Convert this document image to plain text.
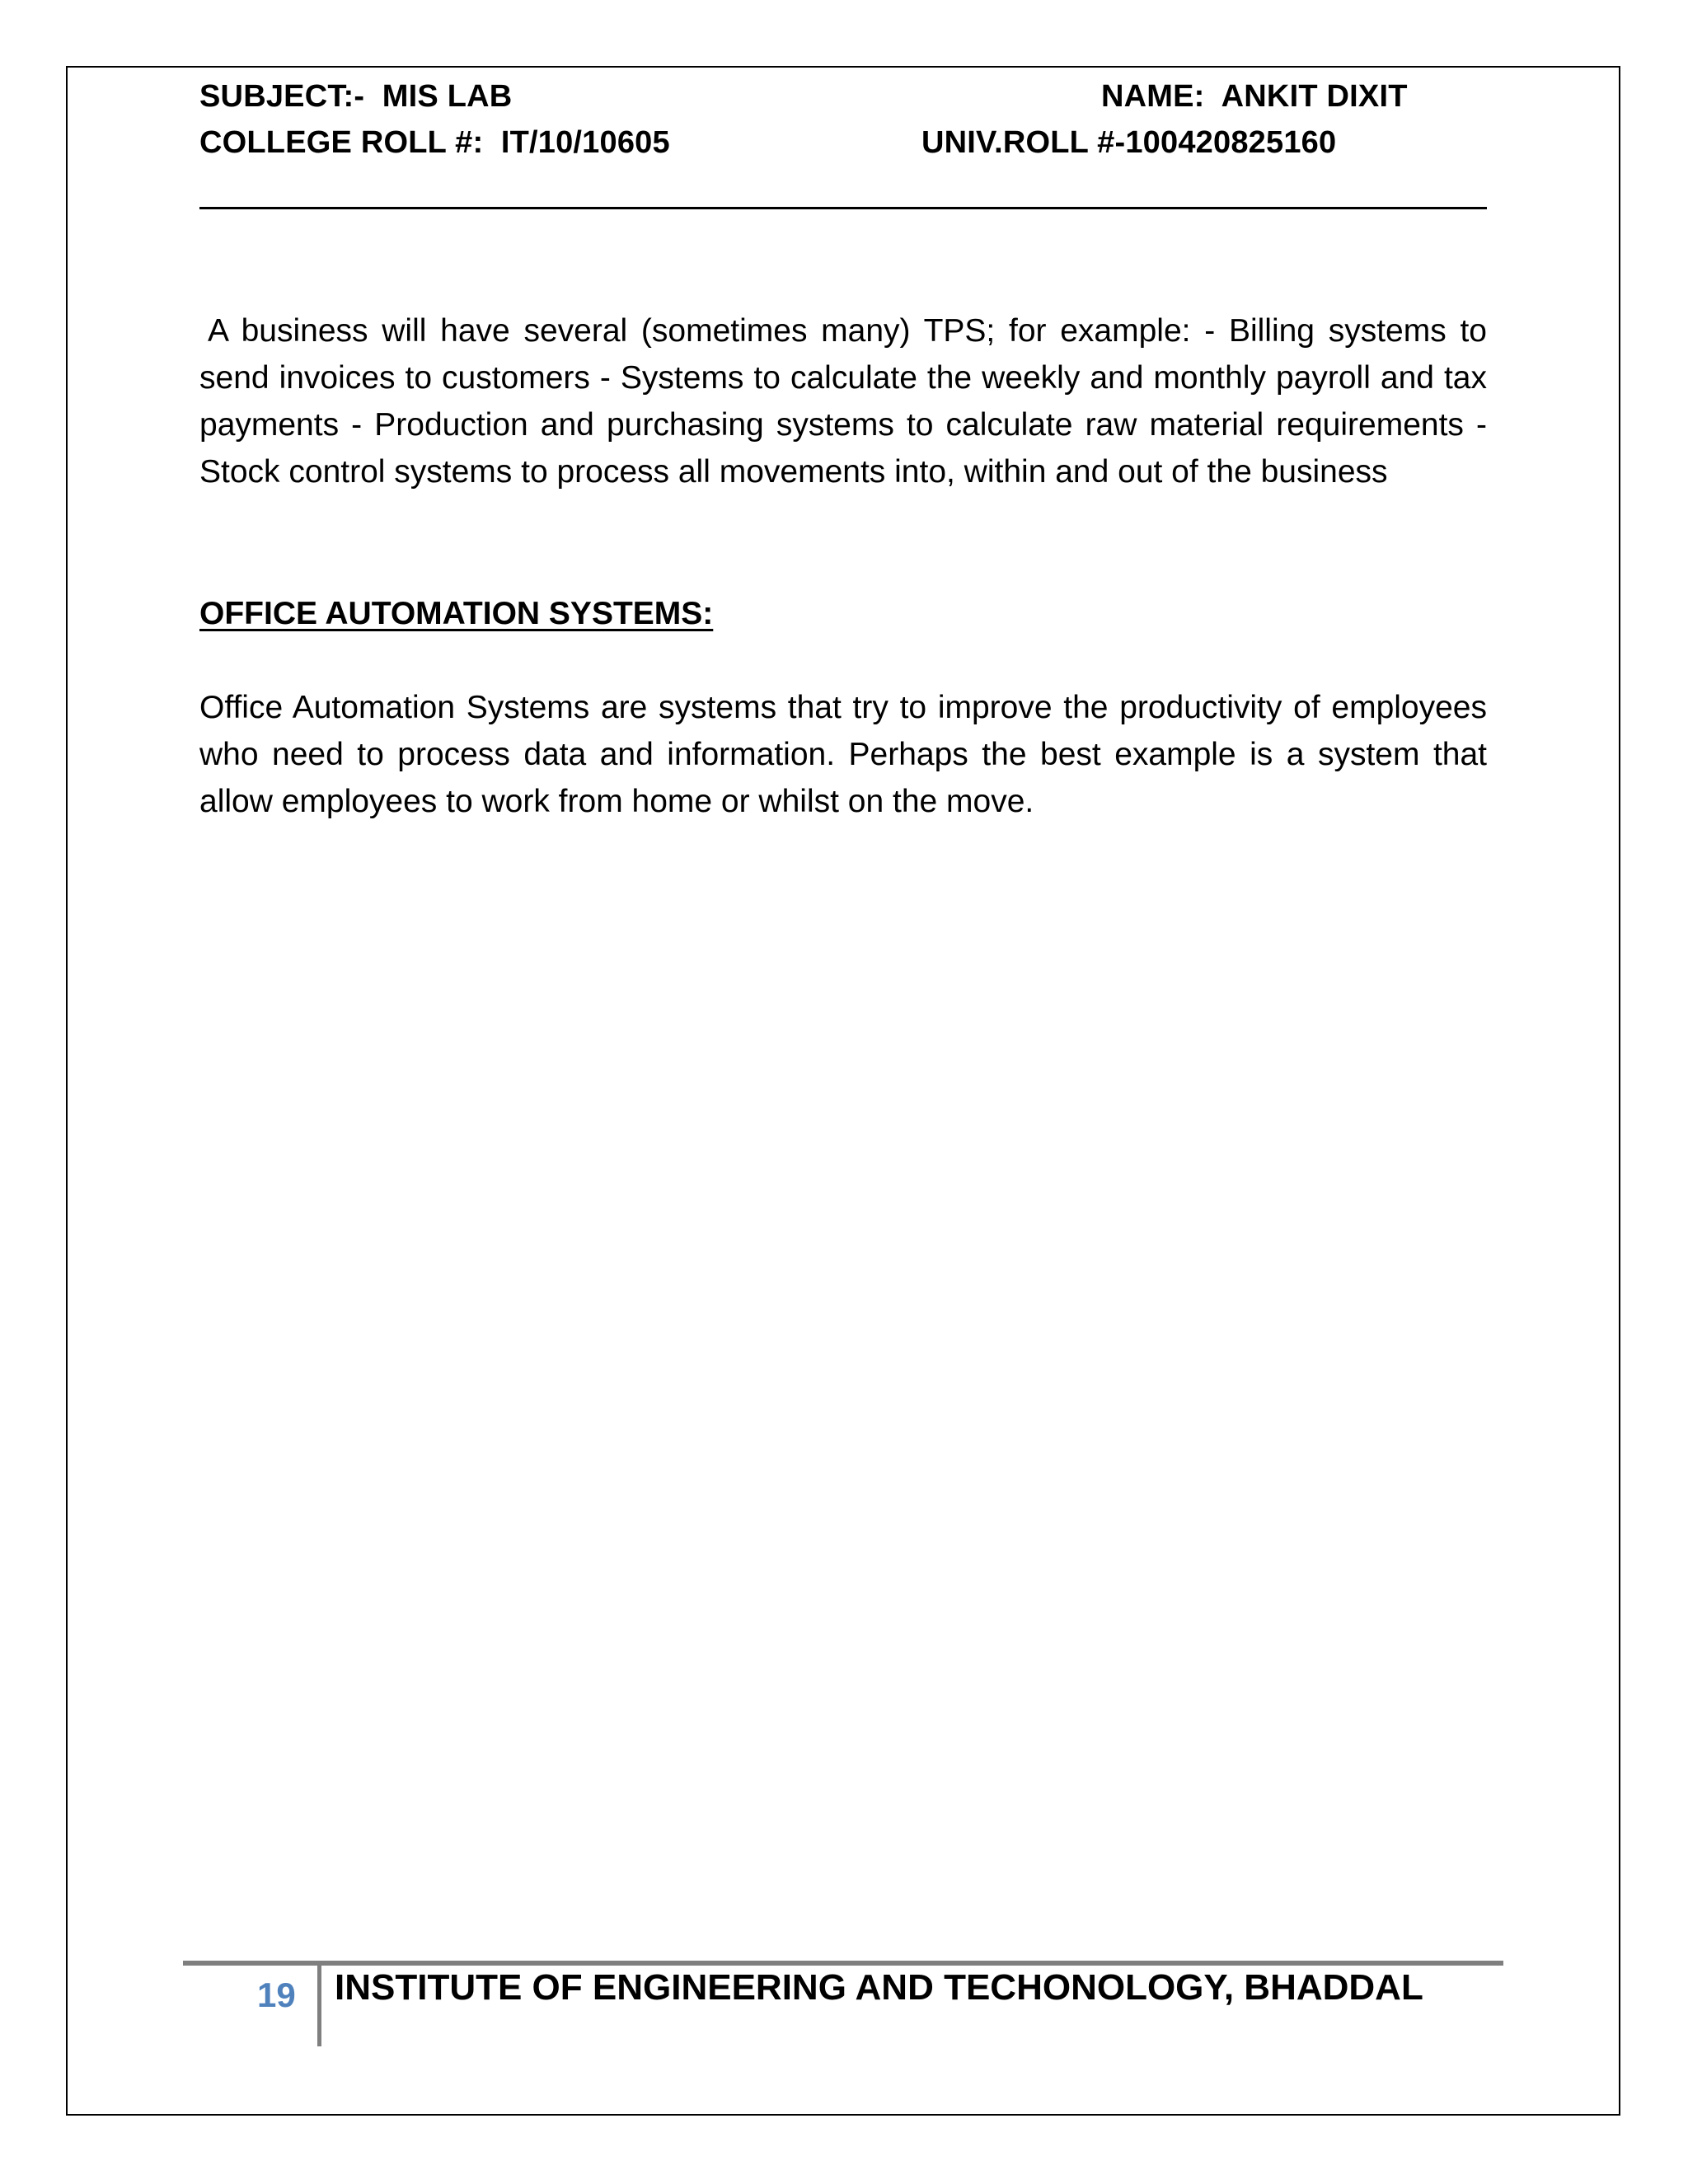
SUBJECT:-  MIS LAB	NAME:  ANKIT DIXIT
COLLEGE ROLL #:  IT/10/10605	UNIV.ROLL #-100420825160

A business will have several (sometimes many) TPS; for example: - Billing systems to send invoices to customers - Systems to calculate the weekly and monthly payroll and tax payments - Production and purchasing systems to calculate raw material requirements - Stock control systems to process all movements into, within and out of the business

OFFICE AUTOMATION SYSTEMS:

Office Automation Systems are systems that try to improve the productivity of employees who need to process data and information. Perhaps the best example is a system that allow employees to work from home or whilst on the move.

19 INSTITUTE OF ENGINEERING AND TECHONOLOGY, BHADDAL
